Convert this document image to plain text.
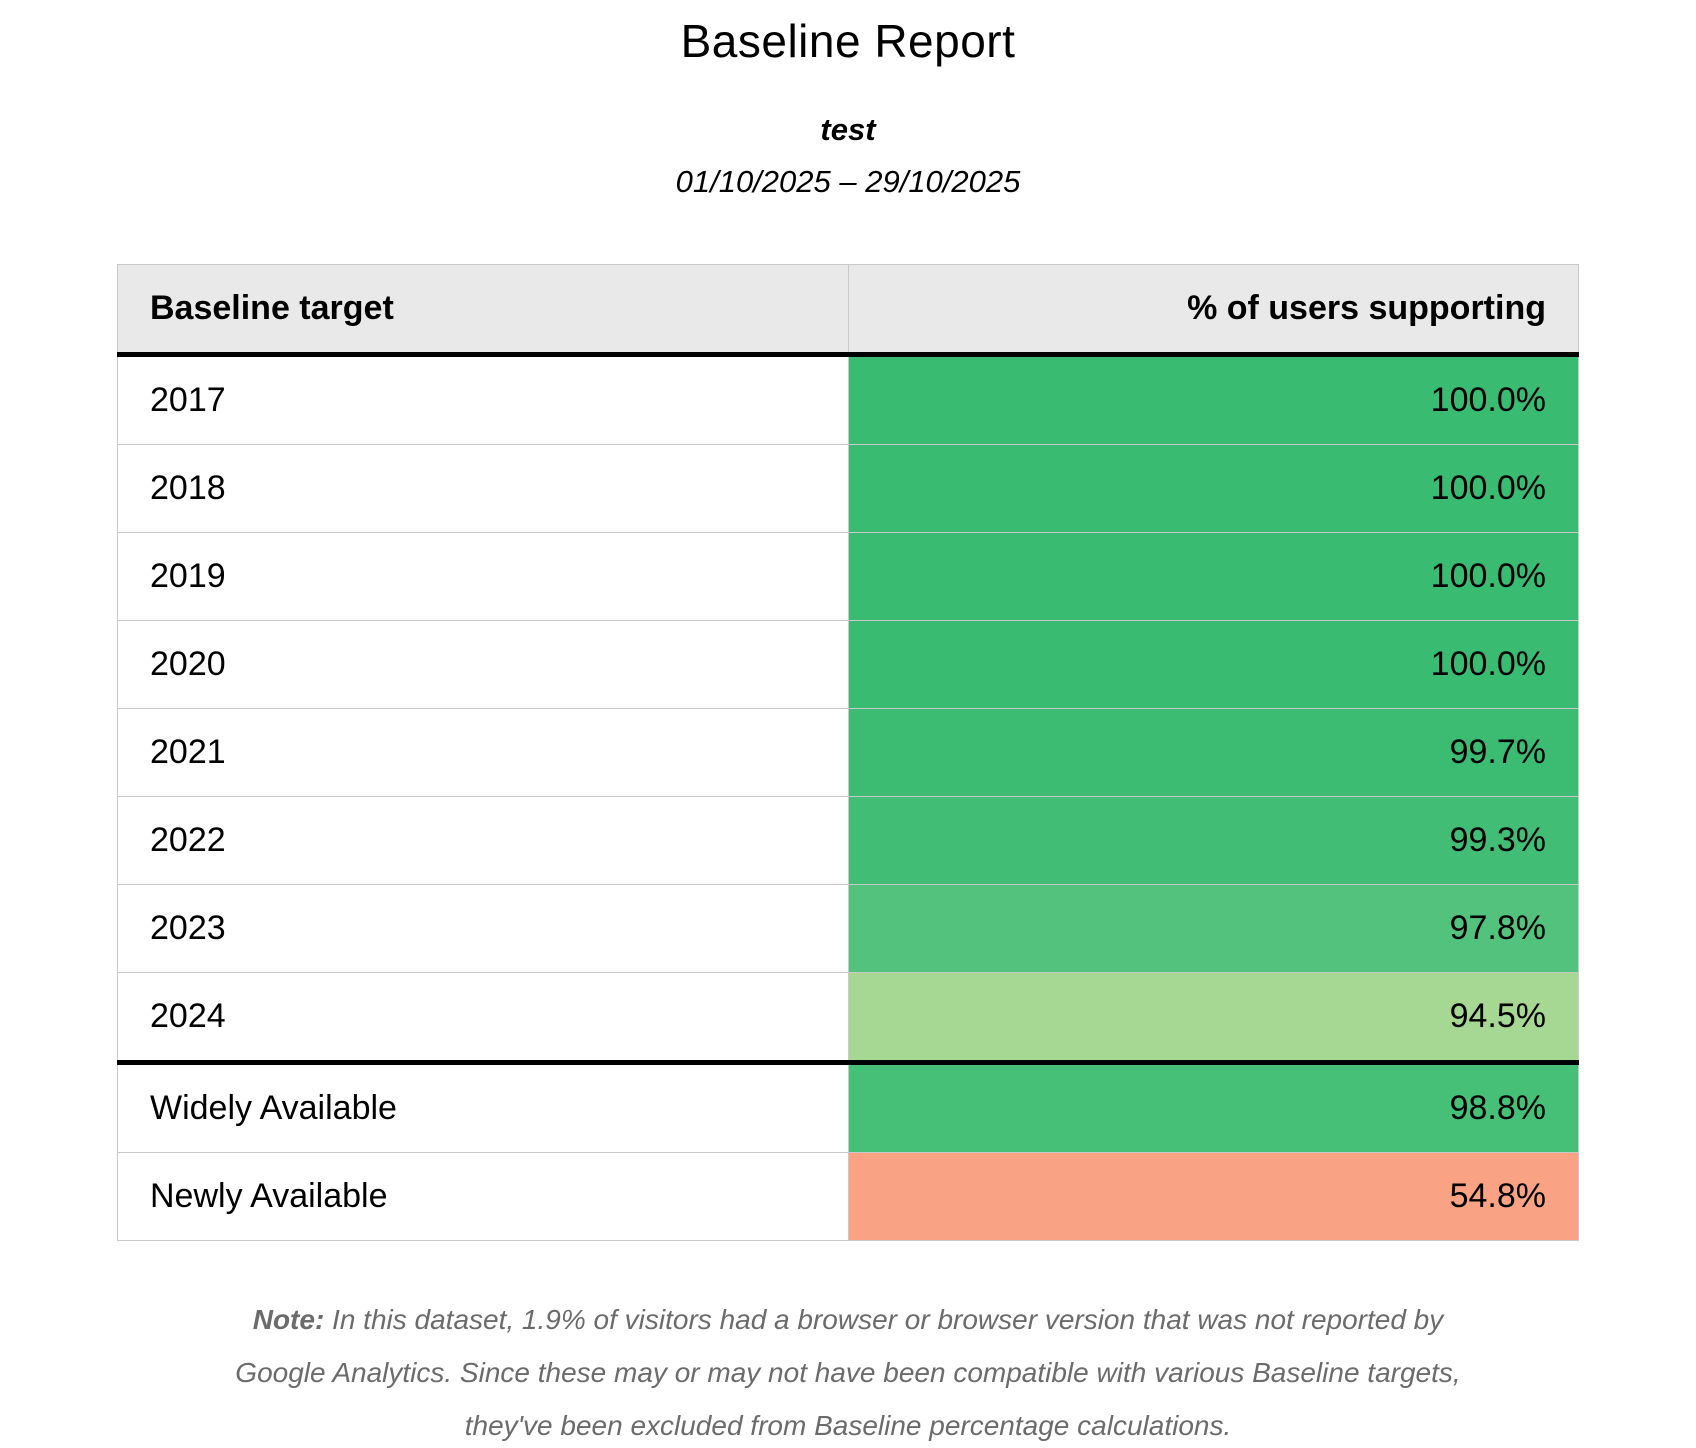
Baseline Report
test
01/10/2025 – 29/10/2025
Baseline target	% of users supporting
2017	100.0%
2018	100.0%
2019	100.0%
2020	100.0%
2021	99.7%
2022	99.3%
2023	97.8%
2024	94.5%
Widely Available	98.8%
Newly Available	54.8%

Note: In this dataset, 1.9% of visitors had a browser or browser version that was not reported by Google Analytics. Since these may or may not have been compatible with various Baseline targets, they've been excluded from Baseline percentage calculations.
